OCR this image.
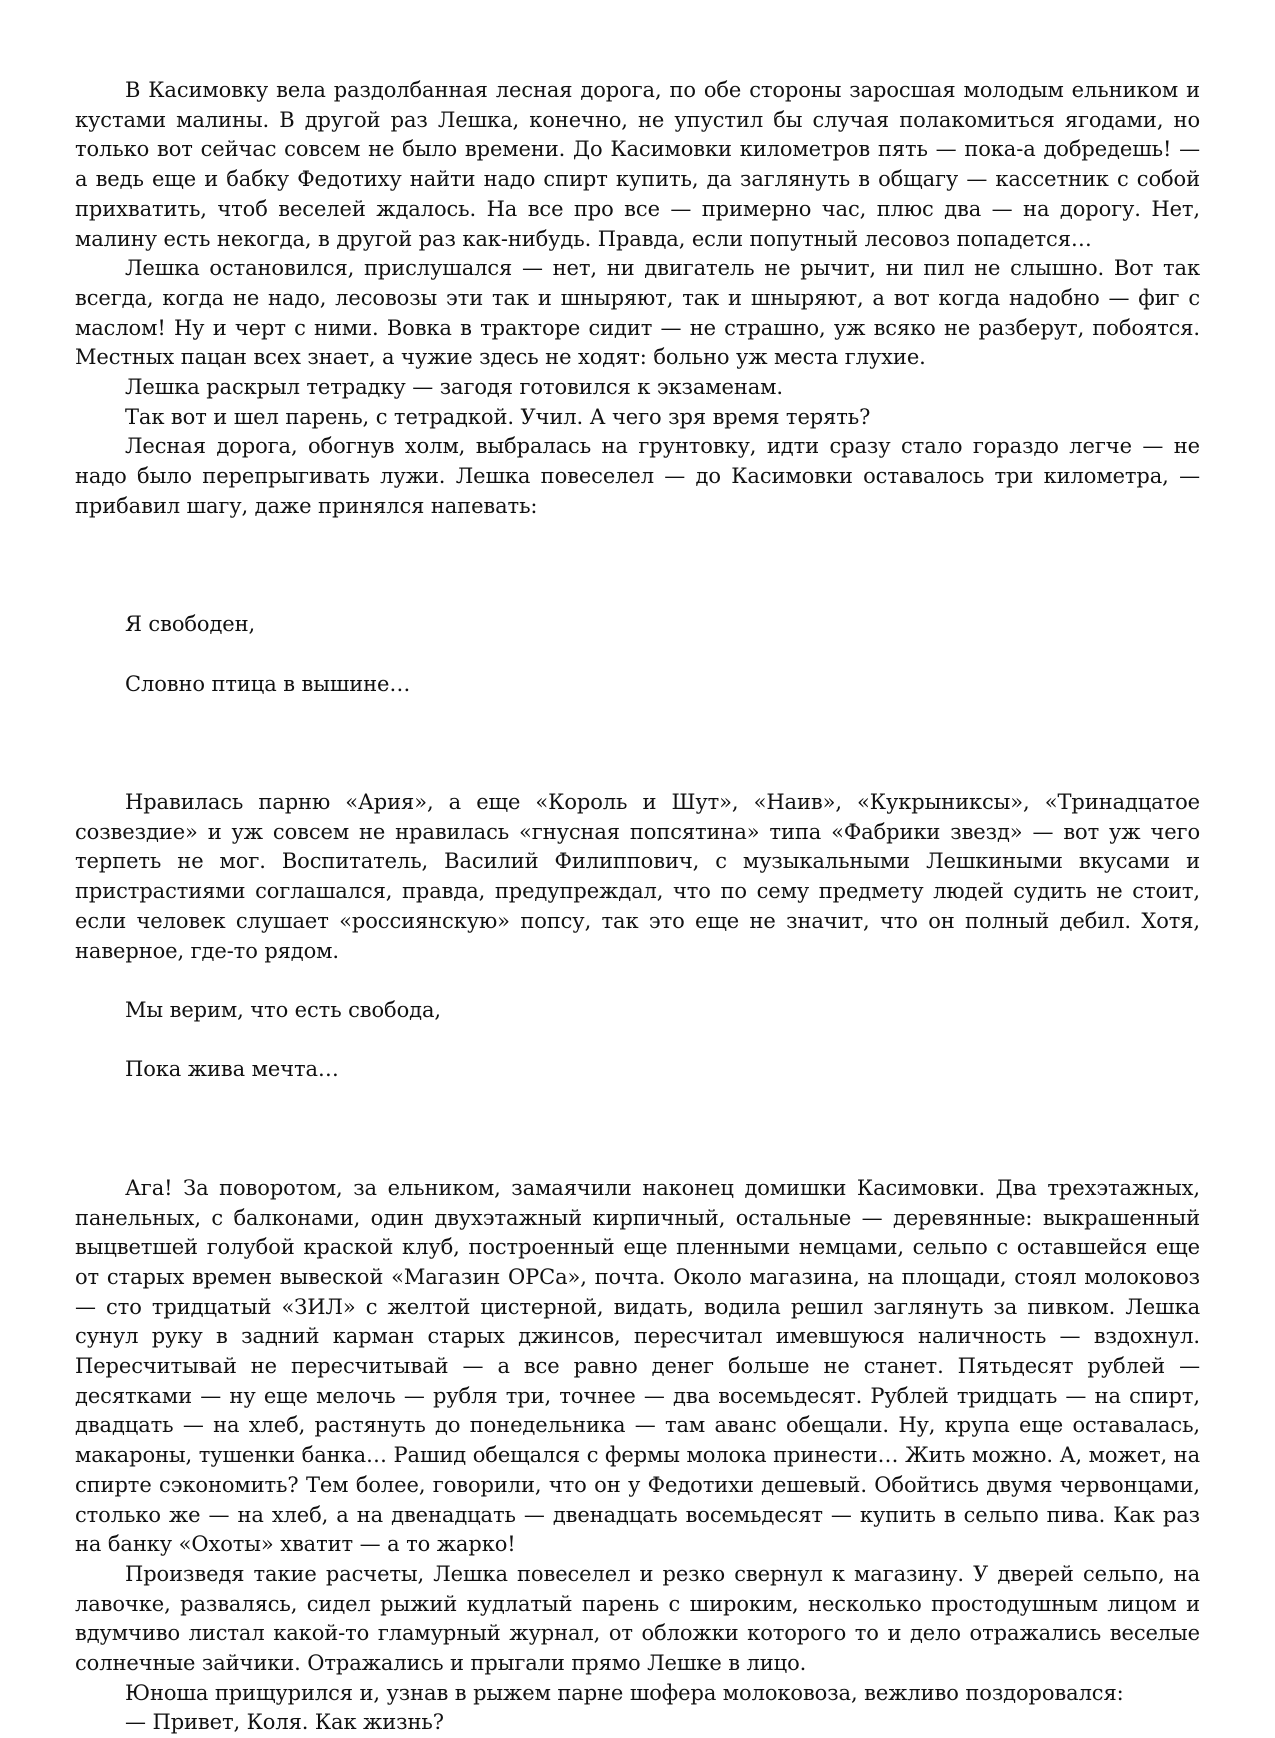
В Касимовку вела раздолбанная лесная дорога, по обе стороны заросшая молодым ельником и кустами малины. В другой раз Лешка, конечно, не упустил бы случая полакомиться ягодами, но только вот сейчас совсем не было времени. До Касимовки километров пять — пока-а добредешь! — а ведь еще и бабку Федотиху найти надо спирт купить, да заглянуть в общагу — кассетник с собой прихватить, чтоб веселей ждалось. На все про все — примерно час, плюс два — на дорогу. Нет, малину есть некогда, в другой раз как-нибудь. Правда, если попутный лесовоз попадется…

Лешка остановился, прислушался — нет, ни двигатель не рычит, ни пил не слышно. Вот так всегда, когда не надо, лесовозы эти так и шныряют, так и шныряют, а вот когда надобно — фиг с маслом! Ну и черт с ними. Вовка в тракторе сидит — не страшно, уж всяко не разберут, побоятся. Местных пацан всех знает, а чужие здесь не ходят: больно уж места глухие.

Лешка раскрыл тетрадку — загодя готовился к экзаменам.

Так вот и шел парень, с тетрадкой. Учил. А чего зря время терять?

Лесная дорога, обогнув холм, выбралась на грунтовку, идти сразу стало гораздо легче — не надо было перепрыгивать лужи. Лешка повеселел — до Касимовки оставалось три километра, — прибавил шагу, даже принялся напевать:

Я свободен,

Словно птица в вышине…

Нравилась парню «Ария», а еще «Король и Шут», «Наив», «Кукрыниксы», «Тринадцатое созвездие» и уж совсем не нравилась «гнусная попсятина» типа «Фабрики звезд» — вот уж чего терпеть не мог. Воспитатель, Василий Филиппович, с музыкальными Лешкиными вкусами и пристрастиями соглашался, правда, предупреждал, что по сему предмету людей судить не стоит, если человек слушает «россиянскую» попсу, так это еще не значит, что он полный дебил. Хотя, наверное, где-то рядом.

Мы верим, что есть свобода,

Пока жива мечта…

Ага! За поворотом, за ельником, замаячили наконец домишки Касимовки. Два трехэтажных, панельных, с балконами, один двухэтажный кирпичный, остальные — деревянные: выкрашенный выцветшей голубой краской клуб, построенный еще пленными немцами, сельпо с оставшейся еще от старых времен вывеской «Магазин ОРСа», почта. Около магазина, на площади, стоял молоковоз — сто тридцатый «ЗИЛ» с желтой цистерной, видать, водила решил заглянуть за пивком. Лешка сунул руку в задний карман старых джинсов, пересчитал имевшуюся наличность — вздохнул. Пересчитывай не пересчитывай — а все равно денег больше не станет. Пятьдесят рублей — десятками — ну еще мелочь — рубля три, точнее — два восемьдесят. Рублей тридцать — на спирт, двадцать — на хлеб, растянуть до понедельника — там аванс обещали. Ну, крупа еще оставалась, макароны, тушенки банка… Рашид обещался с фермы молока принести… Жить можно. А, может, на спирте сэкономить? Тем более, говорили, что он у Федотихи дешевый. Обойтись двумя червонцами, столько же — на хлеб, а на двенадцать — двенадцать восемьдесят — купить в сельпо пива. Как раз на банку «Охоты» хватит — а то жарко!

Произведя такие расчеты, Лешка повеселел и резко свернул к магазину. У дверей сельпо, на лавочке, развалясь, сидел рыжий кудлатый парень с широким, несколько простодушным лицом и вдумчиво листал какой-то гламурный журнал, от обложки которого то и дело отражались веселые солнечные зайчики. Отражались и прыгали прямо Лешке в лицо.

Юноша прищурился и, узнав в рыжем парне шофера молоковоза, вежливо поздоровался:

— Привет, Коля. Как жизнь?
